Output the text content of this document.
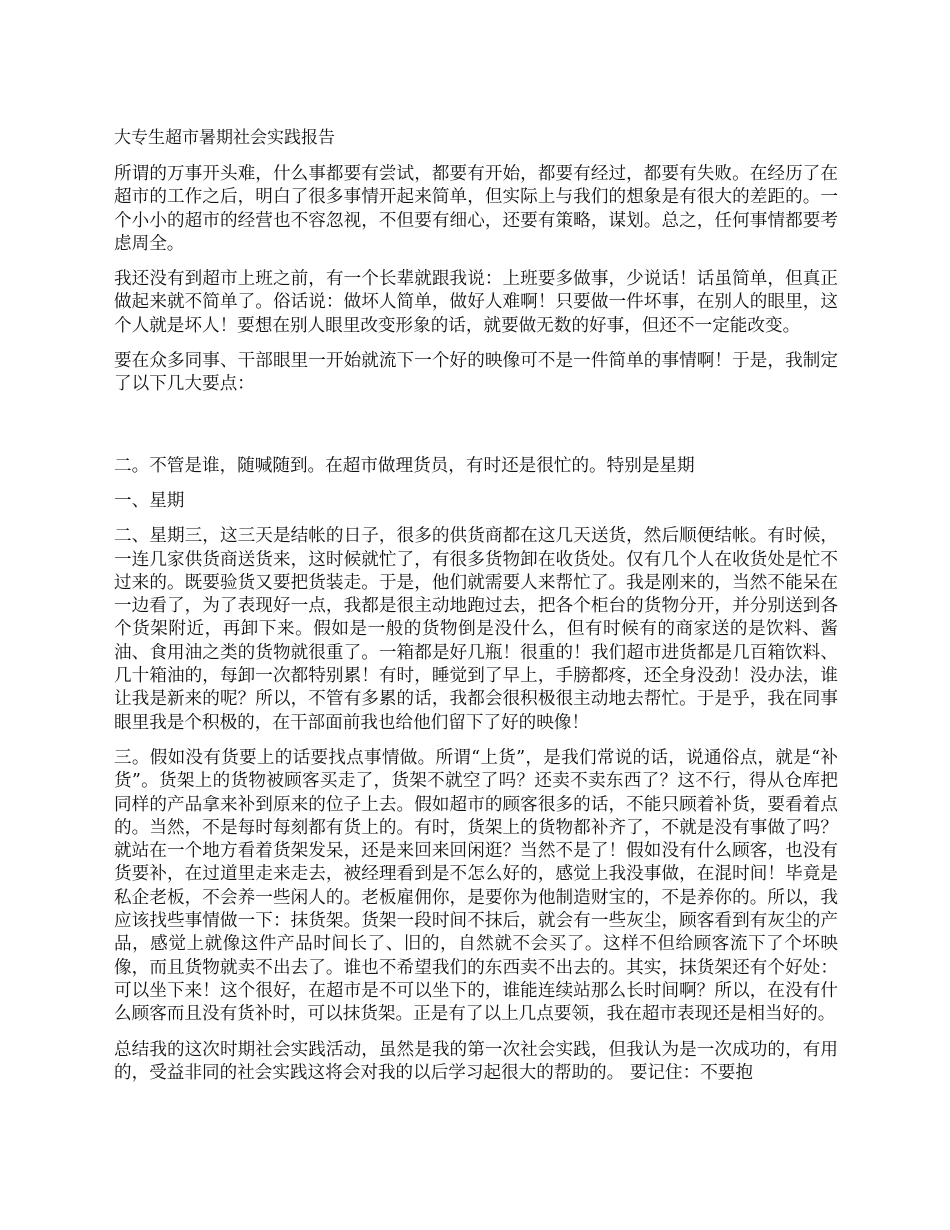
大专生超市暑期社会实践报告

所谓的万事开头难，什么事都要有尝试，都要有开始，都要有经过，都要有失败。在经历了在超市的工作之后，明白了很多事情开起来简单，但实际上与我们的想象是有很大的差距的。一个小小的超市的经营也不容忽视，不但要有细心，还要有策略，谋划。总之，任何事情都要考虑周全。

我还没有到超市上班之前，有一个长辈就跟我说：上班要多做事，少说话！话虽简单，但真正做起来就不简单了。俗话说：做坏人简单，做好人难啊！只要做一件坏事，在别人的眼里，这个人就是坏人！要想在别人眼里改变形象的话，就要做无数的好事，但还不一定能改变。

要在众多同事、干部眼里一开始就流下一个好的映像可不是一件简单的事情啊！于是，我制定了以下几大要点：

二。不管是谁，随喊随到。在超市做理货员，有时还是很忙的。特别是星期

一、星期

二、星期三，这三天是结帐的日子，很多的供货商都在这几天送货，然后顺便结帐。有时候，一连几家供货商送货来，这时候就忙了，有很多货物卸在收货处。仅有几个人在收货处是忙不过来的。既要验货又要把货装走。于是，他们就需要人来帮忙了。我是刚来的，当然不能呆在一边看了，为了表现好一点，我都是很主动地跑过去，把各个柜台的货物分开，并分别送到各个货架附近，再卸下来。假如是一般的货物倒是没什么，但有时候有的商家送的是饮料、酱油、食用油之类的货物就很重了。一箱都是好几瓶！很重的！我们超市进货都是几百箱饮料、几十箱油的，每卸一次都特别累！有时，睡觉到了早上，手膀都疼，还全身没劲！没办法，谁让我是新来的呢？所以，不管有多累的话，我都会很积极很主动地去帮忙。于是乎，我在同事眼里我是个积极的，在干部面前我也给他们留下了好的映像！

三。假如没有货要上的话要找点事情做。所谓“上货”，是我们常说的话，说通俗点，就是“补货”。货架上的货物被顾客买走了，货架不就空了吗？还卖不卖东西了？这不行，得从仓库把同样的产品拿来补到原来的位子上去。假如超市的顾客很多的话，不能只顾着补货，要看着点的。当然，不是每时每刻都有货上的。有时，货架上的货物都补齐了，不就是没有事做了吗？就站在一个地方看着货架发呆，还是来回来回闲逛？当然不是了！假如没有什么顾客，也没有货要补，在过道里走来走去，被经理看到是不怎么好的，感觉上我没事做，在混时间！毕竟是私企老板，不会养一些闲人的。老板雇佣你，是要你为他制造财宝的，不是养你的。所以，我应该找些事情做一下：抹货架。货架一段时间不抹后，就会有一些灰尘，顾客看到有灰尘的产品，感觉上就像这件产品时间长了、旧的，自然就不会买了。这样不但给顾客流下了个坏映像，而且货物就卖不出去了。谁也不希望我们的东西卖不出去的。其实，抹货架还有个好处：可以坐下来！这个很好，在超市是不可以坐下的，谁能连续站那么长时间啊？所以，在没有什么顾客而且没有货补时，可以抹货架。正是有了以上几点要领，我在超市表现还是相当好的。

总结我的这次时期社会实践活动，虽然是我的第一次社会实践，但我认为是一次成功的，有用的，受益非同的社会实践这将会对我的以后学习起很大的帮助的。 要记住：不要抱
